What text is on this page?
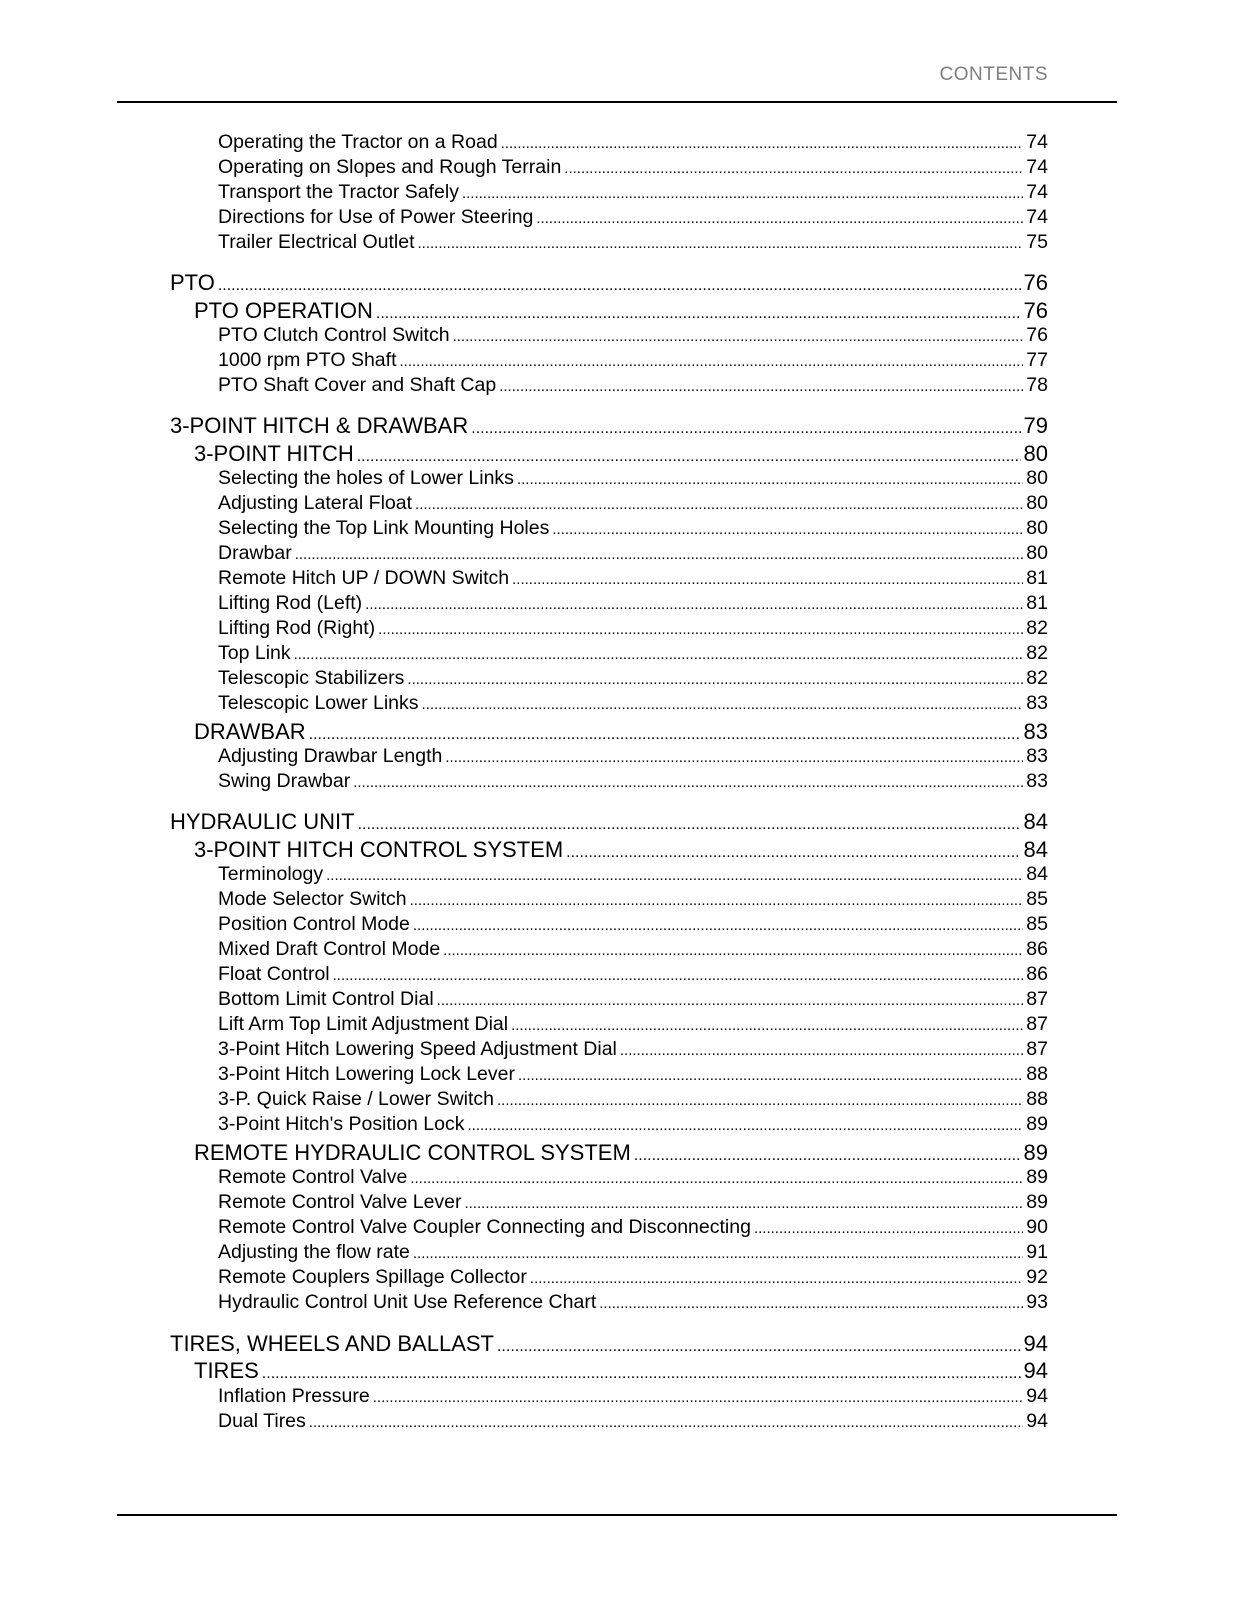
CONTENTS
Operating the Tractor on a Road .....	74
Operating on Slopes and Rough Terrain .....	74
Transport the Tractor Safely .....	74
Directions for Use of Power Steering .....	74
Trailer Electrical Outlet .....	75
PTO .....	76
PTO OPERATION .....	76
PTO Clutch Control Switch .....	76
1000 rpm PTO Shaft .....	77
PTO Shaft Cover and Shaft Cap .....	78
3-POINT HITCH & DRAWBAR .....	79
3-POINT HITCH .....	80
Selecting the holes of Lower Links .....	80
Adjusting Lateral Float .....	80
Selecting the Top Link Mounting Holes .....	80
Drawbar .....	80
Remote Hitch UP / DOWN Switch .....	81
Lifting Rod (Left) .....	81
Lifting Rod (Right) .....	82
Top Link .....	82
Telescopic Stabilizers .....	82
Telescopic Lower Links .....	83
DRAWBAR .....	83
Adjusting Drawbar Length .....	83
Swing Drawbar .....	83
HYDRAULIC UNIT .....	84
3-POINT HITCH CONTROL SYSTEM .....	84
Terminology .....	84
Mode Selector Switch .....	85
Position Control Mode .....	85
Mixed Draft Control Mode .....	86
Float Control .....	86
Bottom Limit Control Dial .....	87
Lift Arm Top Limit Adjustment Dial .....	87
3-Point Hitch Lowering Speed Adjustment Dial .....	87
3-Point Hitch Lowering Lock Lever .....	88
3-P. Quick Raise / Lower Switch .....	88
3-Point Hitch's Position Lock .....	89
REMOTE HYDRAULIC CONTROL SYSTEM .....	89
Remote Control Valve .....	89
Remote Control Valve Lever .....	89
Remote Control Valve Coupler Connecting and Disconnecting .....	90
Adjusting the flow rate .....	91
Remote Couplers Spillage Collector .....	92
Hydraulic Control Unit Use Reference Chart .....	93
TIRES, WHEELS AND BALLAST .....	94
TIRES .....	94
Inflation Pressure .....	94
Dual Tires .....	94
